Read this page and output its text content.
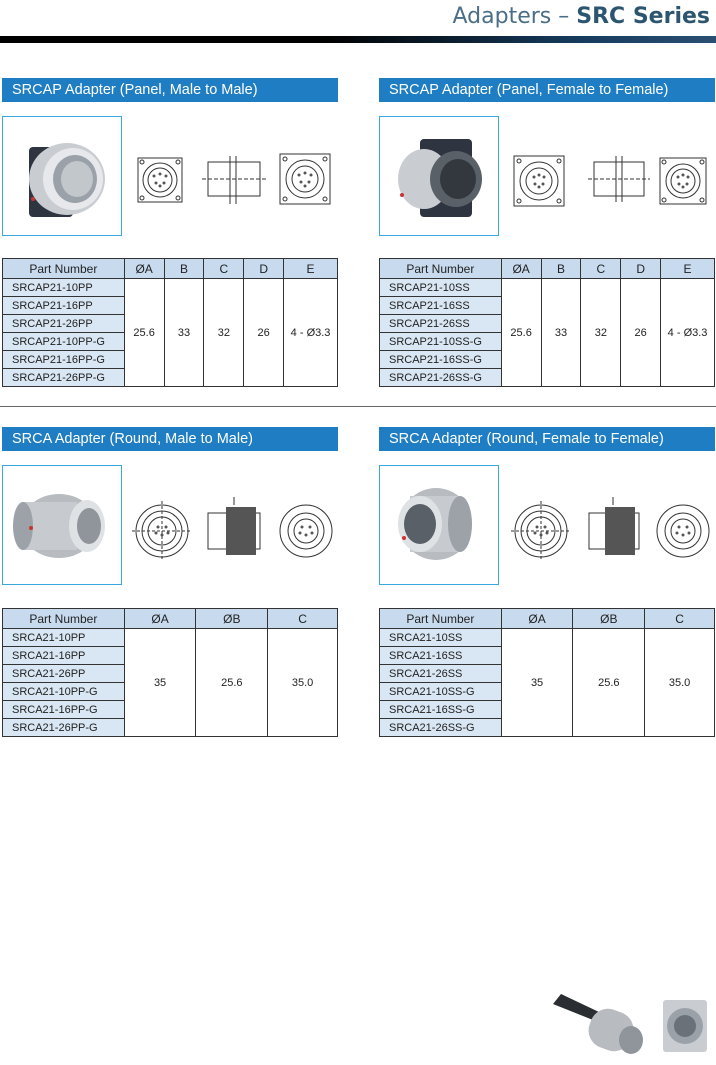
Adapters – SRC Series
SRCAP Adapter (Panel, Male to Male)
Part Number	ØA	B	C	D	E
SRCAP21-10PP	25.6	33	32	26	4 - Ø3.3
SRCAP21-16PP					
SRCAP21-26PP					
SRCAP21-10PP-G					
SRCAP21-16PP-G					
SRCAP21-26PP-G					
SRCAP Adapter (Panel, Female to Female)
Part Number	ØA	B	C	D	E
SRCAP21-10SS	25.6	33	32	26	4 - Ø3.3
SRCAP21-16SS					
SRCAP21-26SS					
SRCAP21-10SS-G					
SRCAP21-16SS-G					
SRCAP21-26SS-G					
SRCA Adapter (Round, Male to Male)
Part Number	ØA	ØB	C
SRCA21-10PP	35	25.6	35.0
SRCA21-16PP			
SRCA21-26PP			
SRCA21-10PP-G			
SRCA21-16PP-G			
SRCA21-26PP-G			
SRCA Adapter (Round, Female to Female)
Part Number	ØA	ØB	C
SRCA21-10SS	35	25.6	35.0
SRCA21-16SS			
SRCA21-26SS			
SRCA21-10SS-G			
SRCA21-16SS-G			
SRCA21-26SS-G			
